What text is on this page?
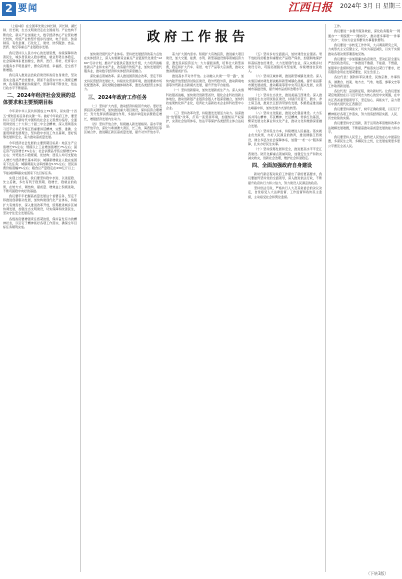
2 要闻	江西日报 2024年 3月 日 星期三

（上接1版）在全国率先建立林长制、河长制、湖长制、田长制，生态文明建设走在全国前列。产业结构不断优化，新兴产业加速壮大，数字经济核心产业营收增长较快，传统产业转型升级步伐加快，电子信息、装备制造、有色金属、石化化工、建材、纺织服装、食品、医药、航空等重点产业链稳步发展。

我们坚持以人民为中心的发展思想，持续保障和改善民生，城乡居民收入稳步增加，就业形势总体稳定，社会保障体系更加健全，教育、医疗、养老、托育等公共服务水平明显提升，群众获得感、幸福感、安全感不断增强。

我们深入推进法治政府建设和政府自身建设，坚决落实全面从严治党要求，锲而不舍落实中央八项规定精神，政务服务效能持续提升，营商环境不断优化，依法行政水平不断提高。

二、2024年经济社会发展的总体要求和主要预期目标

今年是中华人民共和国成立75周年，是实现“十四五”规划目标任务的关键一年。做好今年政府工作，要坚持以习近平新时代中国特色社会主义思想为指导，全面贯彻党的二十大和二十届二中全会精神，深入贯彻落实习近平总书记考察江西重要讲话精神，完整、准确、全面贯彻新发展理念，坚持稳中求进工作总基调，更好统筹发展和安全，着力推动高质量发展。

今年经济社会发展的主要预期目标是：地区生产总值增长5%左右；规模以上工业增加值增长7%左右；固定资产投资增长3%左右；社会消费品零售总额增长6%左右；外贸进出口稳规模、优结构；居民人均可支配收入增长与经济增长基本同步；城镇新增就业人数完成国家下达任务；城镇调查失业率控制在5.5%左右；居民消费价格涨幅3%左右；粮食总产量稳定在430亿斤以上；节能减排降碳完成国家下达目标任务。

实现上述目标，我们要坚持稳中求进、以进促稳、先立后破，多出有利于稳预期、稳增长、稳就业的政策，在转方式、调结构、提质量、增效益上积极进取，不断巩固稳中向好的基础。

我们要牢牢把握高质量发展这个首要任务，坚定不移推进创新驱动发展，加快构建现代化产业体系，持续扩大有效需求，深入推进改革开放，统筹推进城乡区域协调发展，加强生态文明建设，切实保障和改善民生，坚决守住安全发展底线。

各级政府要增强责任感紧迫感，保持奋发有为的精神状态，以钉钉子精神抓好各项工作落实，确保全年目标任务顺利完成。

政府工作报告

加快建设现代化产业体系。坚持把发展经济的着力点放在实体经济上，深入实施制造业重点产业链现代化建设“1269”行动计划，推动产业链供应链优化升级，大力培育战略性新兴产业和未来产业，改造提升传统产业，加快发展现代服务业，推动数字经济和实体经济深度融合。

深化重点领域改革。深入推进国资国企改革，坚定不移支持民营经济发展壮大，持续优化营商环境，推进要素市场化配置改革，深化财税金融体制改革，激发各类经营主体活力。

三、2024年政府工作任务

（二）坚持扩大内需，推动经济持续回升向好。更好发挥投资关键作用，加快推进重大项目建设，保持投资合理增长；充分发挥消费基础性作用，多措并举促进消费稳定增长，增强经济发展内生动力。

（四）坚持开放合作，积极融入新发展格局。高水平建设开放平台，深化与粤港澳大湾区、长三角、海西经济区等区域合作，推进赣江新区高质量发展，提升对外开放水平。

着力扩大国内需求。积极扩大有效投资，推进重大项目建设，加大交通、能源、水利、新型基础设施等领域投资力度，激发民间投资活力；大力提振消费，培育壮大新型消费，稳定和扩大汽车、家居、电子产品等大宗消费，推动文旅消费提质扩容。

推进高水平对外开放。主动融入共建“一带一路”，加快内陆开放型经济试验区建设，稳外贸稳外资，推动跨境电商等外贸新业态新模式发展，提升开放平台能级。

（一）坚持创新驱动，加快发展新质生产力。深入实施科技强省战略，加快建设创新型省份，强化企业科技创新主体地位，推动创新链产业链资金链人才链深度融合，加快科技成果转化和产业化，培育壮大高新技术企业和科技型中小企业。

（三）坚持改革攻坚，持续激发发展活力动力。纵深推进“放管服”改革，打造一流营商环境，加强知识产权保护，完善社会信用体系，依法平等保护各类经营主体合法权益。

（五）坚持乡村全面振兴，加快建设农业强省。毫不放松抓好粮食和重要农产品稳产保供，加强耕地保护和高标准农田建设，大力发展现代农业，深入实施乡村建设行动，巩固拓展脱贫攻坚成果，持续增加农民收入。

（六）坚持区域协调，推进新型城镇化建设。深入实施区域协调发展战略和新型城镇化战略，提升南昌都市圈发展能级，推动赣南等原中央苏区振兴发展，完善城市基础设施，提升城市品质和治理水平。

（七）坚持生态优先，推进美丽江西建设。深入推进国家生态文明试验区建设，持续打好蓝天、碧水、净土保卫战，推进长江经济带绿色发展，积极稳妥推进碳达峰碳中和，加快发展方式绿色转型。

（八）坚持文化赋能，推进文化强省建设。大力弘扬井冈山精神、苏区精神、长征精神，传承红色基因，繁荣发展文化事业和文化产业，推动文化和旅游深度融合发展。

（九）坚持民生为本，持续增进人民福祉。落实就业优先政策，办好人民满意的教育，推进健康江西建设，健全多层次社会保障体系，加强“一老一小”服务保障，扎实办好民生实事。

（十）坚持统筹发展和安全，推进更高水平平安江西建设。防范化解重点领域风险，加强安全生产和防灾减灾救灾，创新社会治理，维护社会和谐稳定。

四、全面加强政府自身建设

新时代新征程对政府工作提出了新的更高要求，我们要始终坚持党的全面领导，深入推进依法行政，不断提升政府执行力和公信力，努力建设人民满意的政府。

坚持依法行政，严格执行人大及其常委会的决议决定，自觉接受人大法律监督、工作监督和政协民主监督，主动接受社会和舆论监督。

工作。

我们要进一步提升服务效能，深化政务服务“一网通办”“一网统管”“一网协同”，推动更多事项“一件事一次办”，切实为企业和群众办事提供便利。

我们要进一步转变工作作风，大兴调查研究之风，力戒形式主义官僚主义，切实为基层减负，以实干实绩推动各项决策部署落地见效。

我们要进一步加强廉洁政府建设，坚决扛起全面从严治党政治责任，一体推进不敢腐、不能腐、不想腐，加强审计监督和统计监督，严格落实过紧日子要求，把有限资金用在发展紧要处、民生急需上。

各位代表！国防和军队建设、民族宗教、外事侨务、港澳台、档案、地方志、气象、地震、参事文史等工作取得新进展。

各位代表！奋进新征程，建功新时代。让我们更加紧密地团结在以习近平同志为核心的党中央周围，在中共江西省委坚强领导下，坚定信心、真抓实干，奋力谱写中国式现代化江西篇章！

我们要坚持真抓实干，树牢正确政绩观，以钉钉子精神抓好各项工作落实，努力创造经得起实践、人民、历史检验的实绩。

我们要坚持守正创新，善于运用改革思维和改革办法破解发展难题，不断提高推动高质量发展的能力和水平。

我们要坚持人民至上，始终把人民放在心中最高位置，多谋民生之利、多解民生之忧，让发展成果更多更公平惠及全省人民。

（下转3版）
